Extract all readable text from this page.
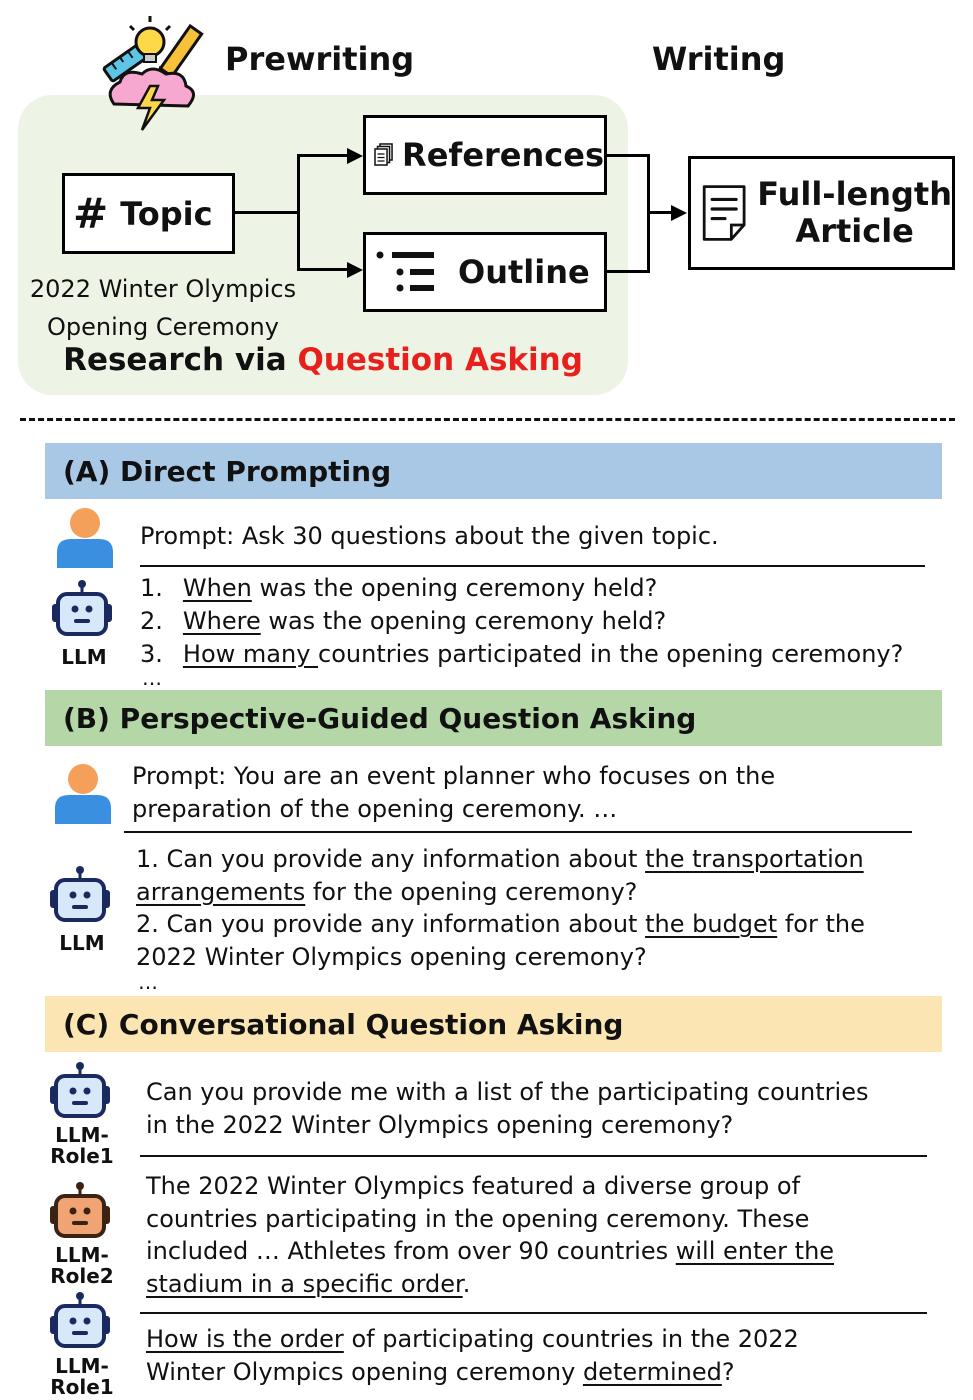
Prewriting	Writing
# Topic
2022 Winter Olympics
Opening Ceremony
References
Outline
Full-length
Article
Research via Question Asking
(A) Direct Prompting
Prompt: Ask 30 questions about the given topic.
LLM
1. When was the opening ceremony held?
2. Where was the opening ceremony held?
3. How many countries participated in the opening ceremony?
…
(B) Perspective-Guided Question Asking
Prompt: You are an event planner who focuses on the
preparation of the opening ceremony. …
LLM
1. Can you provide any information about the transportation
arrangements for the opening ceremony?
2. Can you provide any information about the budget for the
2022 Winter Olympics opening ceremony?
…
(C) Conversational Question Asking
LLM-
Role1
Can you provide me with a list of the participating countries
in the 2022 Winter Olympics opening ceremony?
LLM-
Role2
The 2022 Winter Olympics featured a diverse group of
countries participating in the opening ceremony. These
included … Athletes from over 90 countries will enter the
stadium in a specific order.
LLM-
Role1
How is the order of participating countries in the 2022
Winter Olympics opening ceremony determined?
